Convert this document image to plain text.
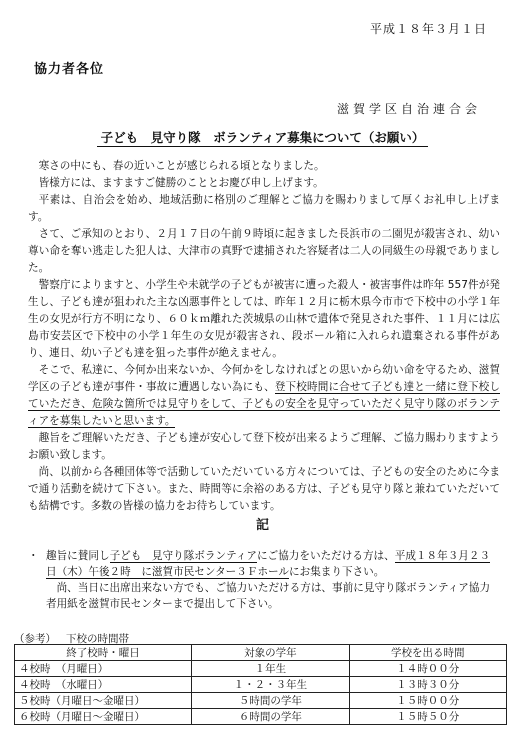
平成１８年３月１日
協力者各位
滋賀学区自治連合会
子ども　見守り隊　ボランティア募集について（お願い）

寒さの中にも、春の近いことが感じられる頃となりました。

皆様方には、ますますご健勝のこととお慶び申し上げます。

平素は、自治会を始め、地域活動に格別のご理解とご協力を賜わりまして厚くお礼申し上げます。

さて、ご承知のとおり、２月１７日の午前９時頃に起きました長浜市の二園児が殺害され、幼い尊い命を奪い逃走した犯人は、大津市の真野で逮捕された容疑者は二人の同級生の母親でありました。

警察庁によりますと、小学生や未就学の子どもが被害に遭った殺人・被害事件は昨年 557件が発生し、子ども達が狙われた主な凶悪事件としては、昨年１２月に栃木県今市市で下校中の小学１年生の女児が行方不明になり、６０ｋｍ離れた茨城県の山林で遺体で発見された事件、１１月には広島市安芸区で下校中の小学１年生の女児が殺害され、段ボール箱に入れられ遺棄される事件があり、連日、幼い子ども達を狙った事件が絶えません。

そこで、私達に、今何か出来ないか、今何かをしなければとの思いから幼い命を守るため、滋賀学区の子ども達が事件・事故に遭遇しない為にも、登下校時間に合せて子ども達と一緒に登下校していただき、危険な箇所では見守りをして、子どもの安全を見守っていただく見守り隊のボランティアを募集したいと思います。

趣旨をご理解いただき、子ども達が安心して登下校が出来るようご理解、ご協力賜わりますようお願い致します。

尚、以前から各種団体等で活動していただいている方々については、子どもの安全のために今まで通り活動を続けて下さい。また、時間等に余裕のある方は、子ども見守り隊と兼ねていただいても結構です。多数の皆様の協力をお待ちしています。

記
・ 趣旨に賛同し子ども　見守り隊ボランティアにご協力をいただける方は、平成１８年３月２３日（木）午後２時　に滋賀市民センター３Ｆホールにお集まり下さい。
尚、当日に出席出来ない方でも、ご協力いただける方は、事前に見守り隊ボランティア協力者用紙を滋賀市民センターまで提出して下さい。
（参考） 下校の時間帯
終了校時・曜日	対象の学年	学校を出る時間
４校時　（月曜日）	１年生	１４時００分
４校時　（水曜日）	１・２・３年生	１３時３０分
５校時（月曜日〜金曜日）	５時間の学年	１５時００分
６校時（月曜日〜金曜日）	６時間の学年	１５時５０分
